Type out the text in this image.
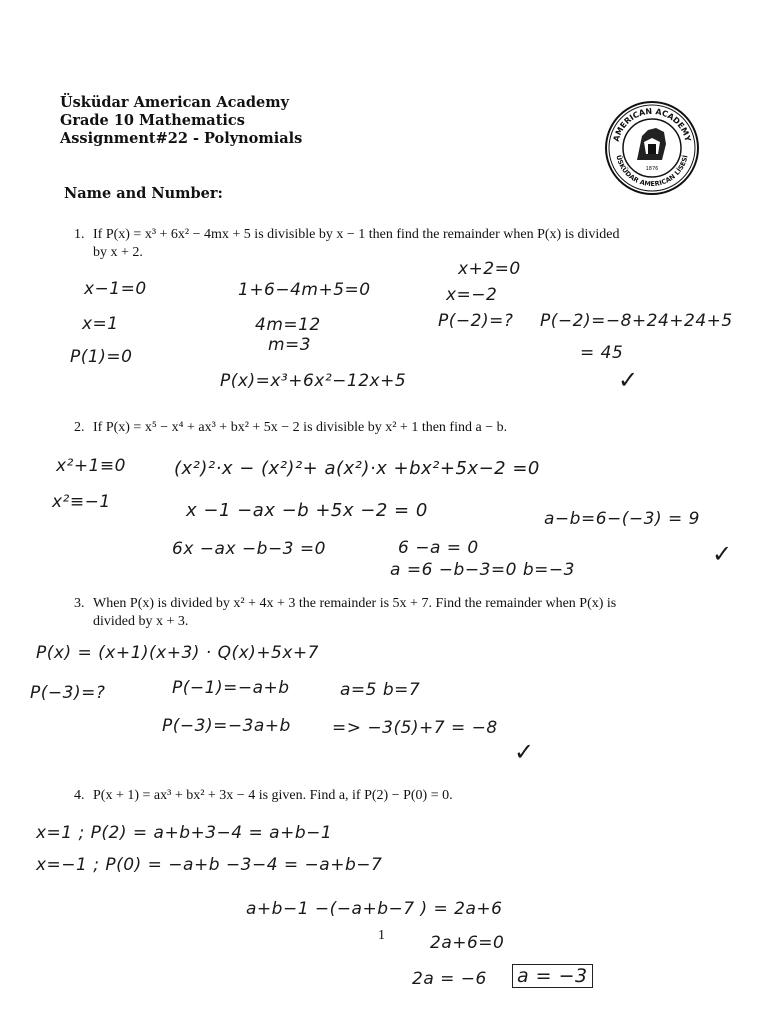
Üsküdar American Academy
Grade 10 Mathematics
Assignment#22 - Polynomials	AMERICAN ACADEMY
ÜSKÜDAR AMERICAN LİSESİ
1876
Name and Number:
1. If P(x) = x³ + 6x² − 4mx + 5 is divisible by x − 1 then find the remainder when P(x) is divided
by x + 2.
x−1=0
x=1
P(1)=0
1+6−4m+5=0
4m=12
m=3
P(x)=x³+6x²−12x+5
x+2=0
x=−2
P(−2)=? P(−2)=−8+24+24+5
= 45
✓
2. If P(x) = x⁵ − x⁴ + ax³ + bx² + 5x − 2 is divisible by x² + 1 then find a − b.
x²+1≡0
x²≡−1
(x²)²·x − (x²)²+ a(x²)·x +bx²+5x−2 =0
x −1 −ax −b +5x −2 = 0
6x −ax −b−3 =0	6 −a = 0
a =6 −b−3=0 b=−3
a−b=6−(−3) = 9
✓
3. When P(x) is divided by x² + 4x + 3 the remainder is 5x + 7. Find the remainder when P(x) is
divided by x + 3.
P(x) = (x+1)(x+3) · Q(x)+5x+7
P(−3)=?	P(−1)=−a+b	a=5 b=7
P(−3)=−3a+b => −3(5)+7 = −8
✓
4. P(x + 1) = ax³ + bx² + 3x − 4 is given. Find a, if P(2) − P(0) = 0.
x=1 ; P(2) = a+b+3−4 = a+b−1
x=−1 ; P(0) = −a+b −3−4 = −a+b−7
a+b−1 −(−a+b−7 ) = 2a+6
2a+6=0
2a = −6 a = −3
1
